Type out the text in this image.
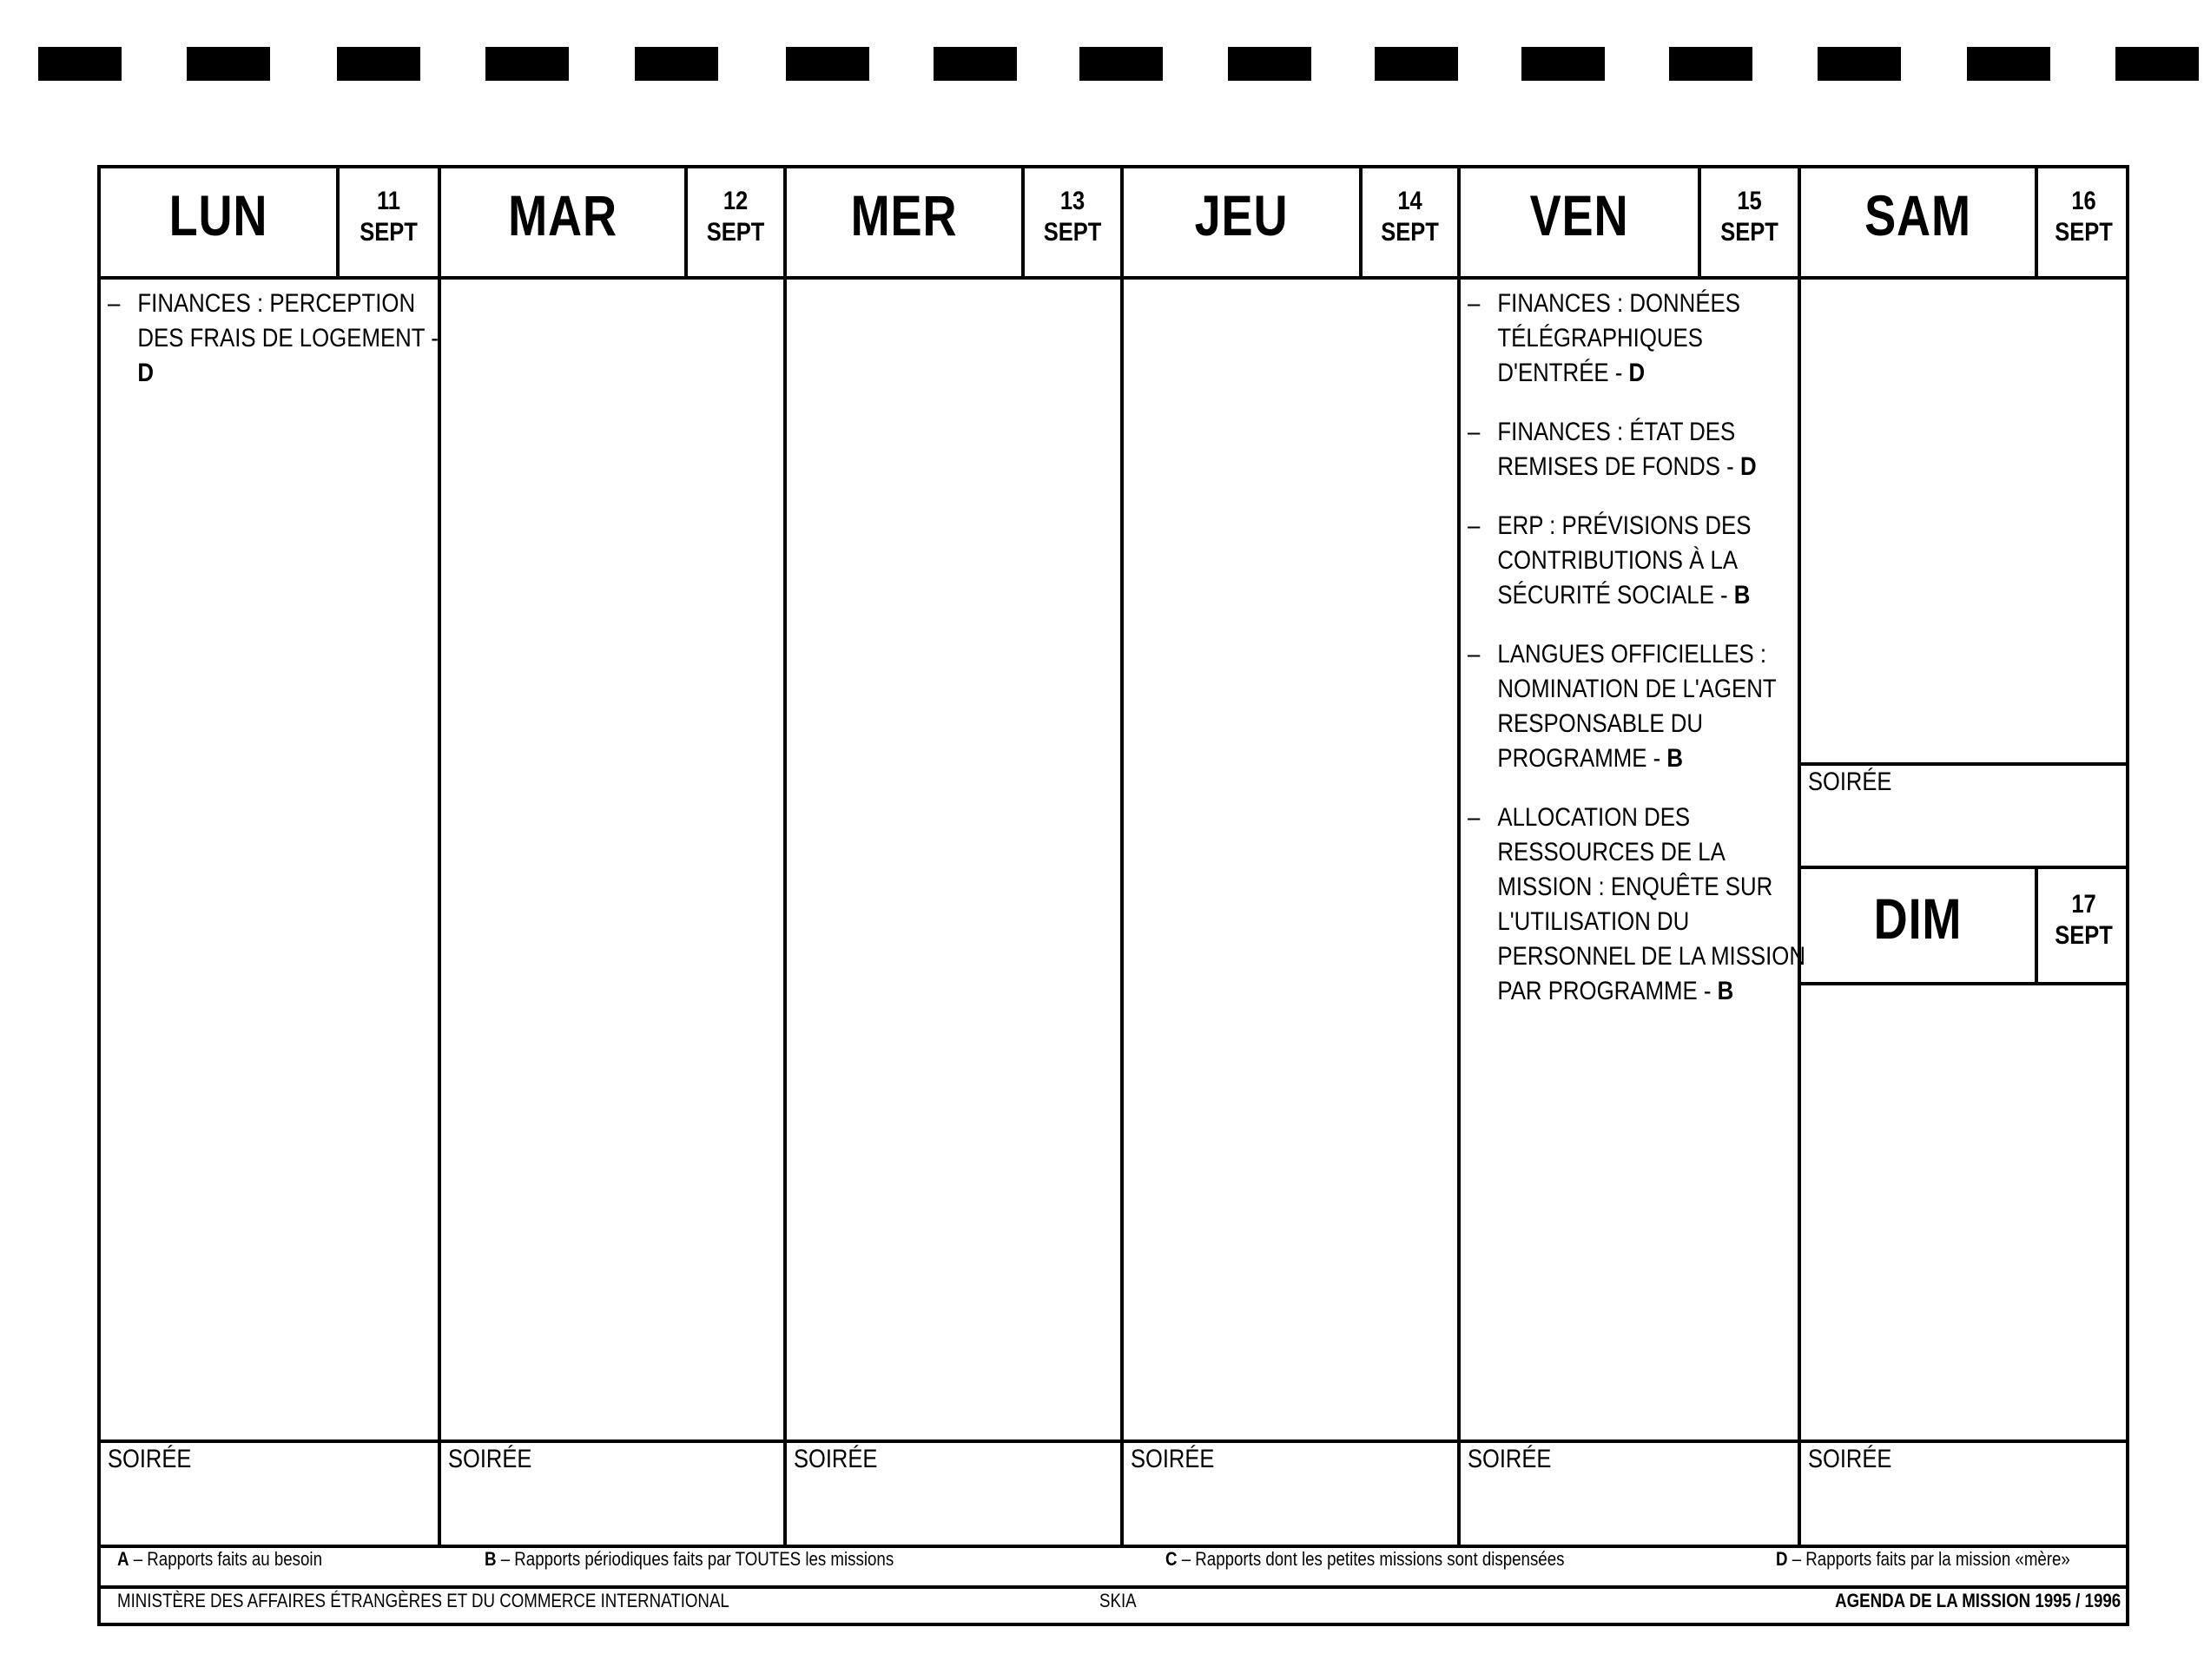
LUN	11
SEPT
– FINANCES : PERCEPTION DES FRAIS DE LOGEMENT - D
SOIRÉE
MAR	12
SEPT
SOIRÉE
MER	13
SEPT
SOIRÉE
JEU	14
SEPT
SOIRÉE
VEN	15
SEPT
– FINANCES : DONNÉES TÉLÉGRAPHIQUES D'ENTRÉE - D
– FINANCES : ÉTAT DES REMISES DE FONDS - D
– ERP : PRÉVISIONS DES CONTRIBUTIONS À LA SÉCURITÉ SOCIALE - B
– LANGUES OFFICIELLES : NOMINATION DE L'AGENT RESPONSABLE DU PROGRAMME - B
– ALLOCATION DES RESSOURCES DE LA MISSION : ENQUÊTE SUR L'UTILISATION DU PERSONNEL DE LA MISSION PAR PROGRAMME - B
SOIRÉE
SAM	16
SEPT
SOIRÉE
DIM	17
SEPT
SOIRÉE
A – Rapports faits au besoin	B – Rapports périodiques faits par TOUTES les missions	C – Rapports dont les petites missions sont dispensées	D – Rapports faits par la mission «mère»
MINISTÈRE DES AFFAIRES ÉTRANGÈRES ET DU COMMERCE INTERNATIONAL	SKIA	AGENDA DE LA MISSION 1995 / 1996
